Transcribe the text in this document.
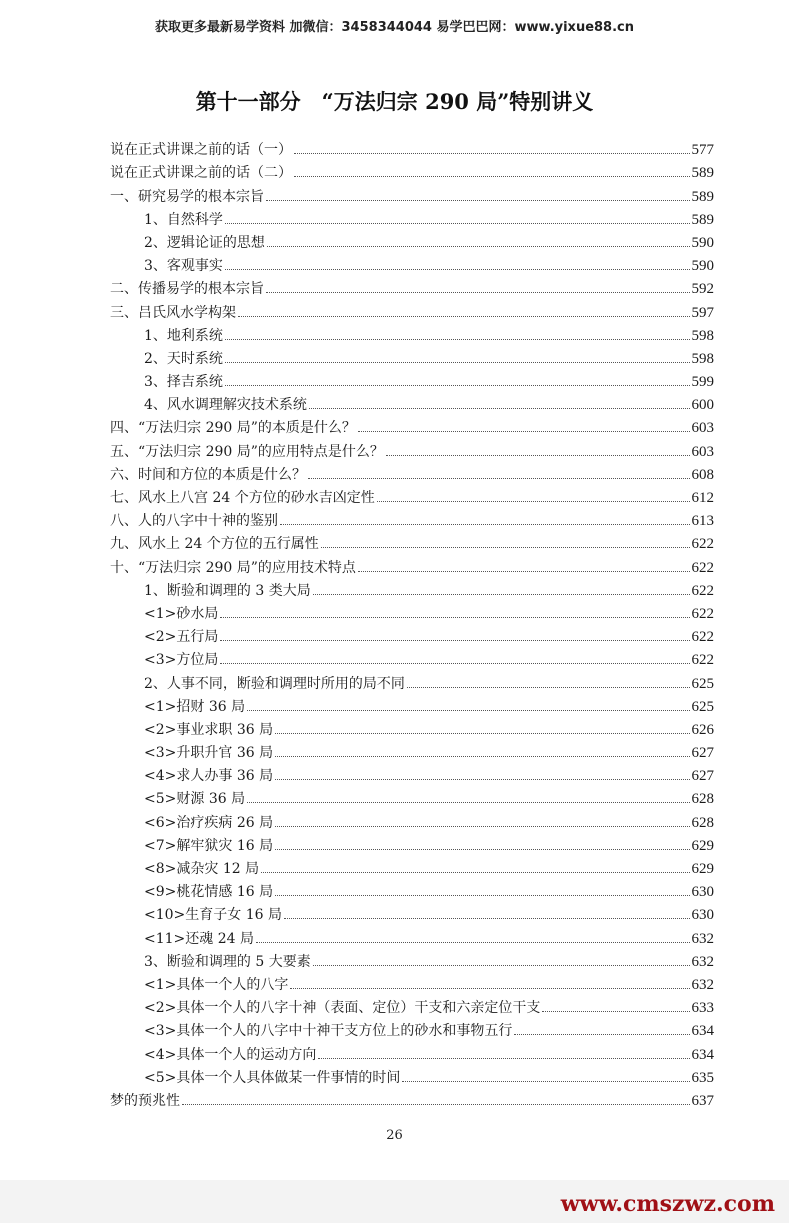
获取更多最新易学资料 加微信：3458344044 易学巴巴网：www.yixue88.cn
第十一部分　“万法归宗 290 局”特别讲义
说在正式讲课之前的话（一）	577
说在正式讲课之前的话（二）	589
一、研究易学的根本宗旨	589
1、自然科学	589
2、逻辑论证的思想	590
3、客观事实	590
二、传播易学的根本宗旨	592
三、吕氏风水学构架	597
1、地利系统	598
2、天时系统	598
3、择吉系统	599
4、风水调理解灾技术系统	600
四、“万法归宗 290 局”的本质是什么？	603
五、“万法归宗 290 局”的应用特点是什么？	603
六、时间和方位的本质是什么？	608
七、风水上八宫 24 个方位的砂水吉凶定性	612
八、人的八字中十神的鉴别	613
九、风水上 24 个方位的五行属性	622
十、“万法归宗 290 局”的应用技术特点	622
1、断验和调理的 3 类大局	622
<1>砂水局	622
<2>五行局	622
<3>方位局	622
2、人事不同，断验和调理时所用的局不同	625
<1>招财 36 局	625
<2>事业求职 36 局	626
<3>升职升官 36 局	627
<4>求人办事 36 局	627
<5>财源 36 局	628
<6>治疗疾病 26 局	628
<7>解牢狱灾 16 局	629
<8>减杂灾 12 局	629
<9>桃花情感 16 局	630
<10>生育子女 16 局	630
<11>还魂 24 局	632
3、断验和调理的 5 大要素	632
<1>具体一个人的八字	632
<2>具体一个人的八字十神（表面、定位）干支和六亲定位干支	633
<3>具体一个人的八字中十神干支方位上的砂水和事物五行	634
<4>具体一个人的运动方向	634
<5>具体一个人具体做某一件事情的时间	635
梦的预兆性	637
26
www.cmszwz.com
